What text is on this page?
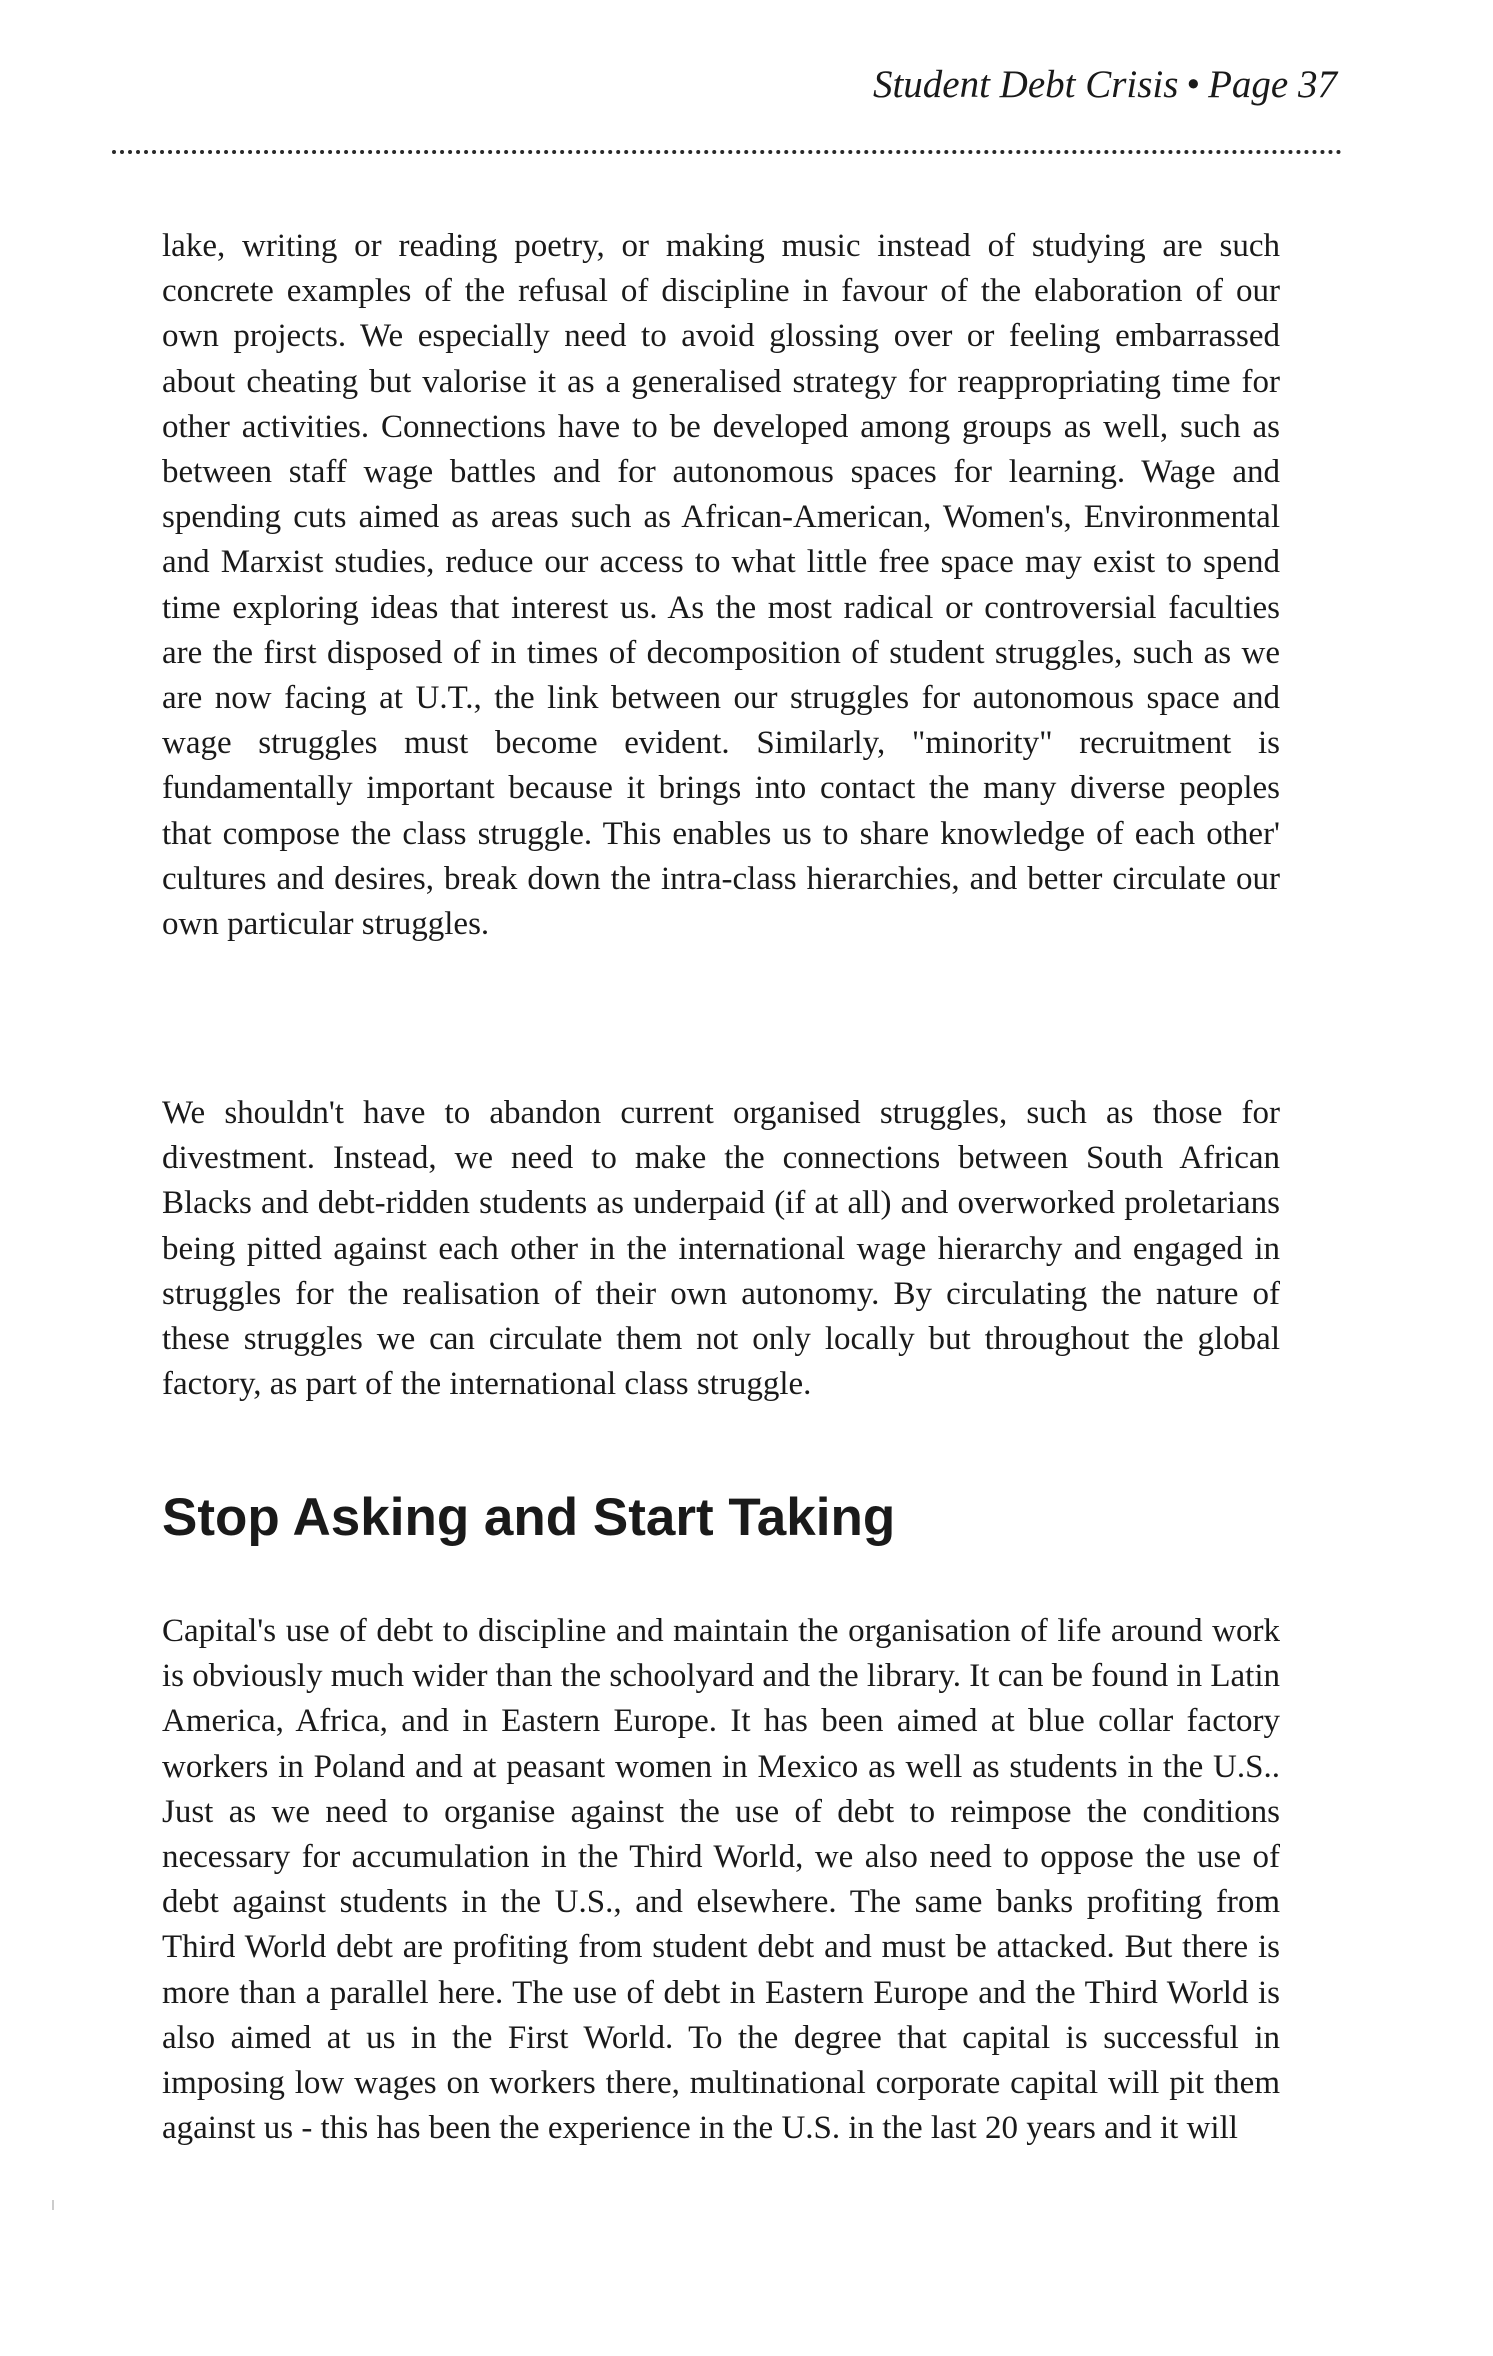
Student Debt Crisis • Page 37

lake, writing or reading poetry, or making music instead of studying are such concrete examples of the refusal of discipline in favour of the elaboration of our own projects. We especially need to avoid glossing over or feeling embarrassed about cheating but valorise it as a generalised strategy for reappropriating time for other activities. Connections have to be developed among groups as well, such as between staff wage battles and for autonomous spaces for learning. Wage and spending cuts aimed as areas such as African-American, Women's, Environmental and Marxist studies, reduce our access to what little free space may exist to spend time exploring ideas that interest us. As the most radical or controversial faculties are the first disposed of in times of decomposition of student struggles, such as we are now facing at U.T., the link between our struggles for autonomous space and wage struggles must become evident. Similarly, "minority" recruitment is fundamentally important because it brings into contact the many diverse peoples that compose the class struggle. This enables us to share knowledge of each other' cultures and desires, break down the intra-class hierarchies, and better circulate our own particular struggles.

We shouldn't have to abandon current organised struggles, such as those for divestment. Instead, we need to make the connections between South African Blacks and debt-ridden students as underpaid (if at all) and overworked proletarians being pitted against each other in the international wage hierarchy and engaged in struggles for the realisation of their own autonomy. By circulating the nature of these struggles we can circulate them not only locally but throughout the global factory, as part of the international class struggle.

Stop Asking and Start Taking

Capital's use of debt to discipline and maintain the organisation of life around work is obviously much wider than the schoolyard and the library. It can be found in Latin America, Africa, and in Eastern Europe. It has been aimed at blue collar factory workers in Poland and at peasant women in Mexico as well as students in the U.S.. Just as we need to organise against the use of debt to reimpose the conditions necessary for accumulation in the Third World, we also need to oppose the use of debt against students in the U.S., and elsewhere. The same banks profiting from Third World debt are profiting from student debt and must be attacked. But there is more than a parallel here. The use of debt in Eastern Europe and the Third World is also aimed at us in the First World. To the degree that capital is successful in imposing low wages on workers there, multinational corporate capital will pit them against us - this has been the experience in the U.S. in the last 20 years and it will
